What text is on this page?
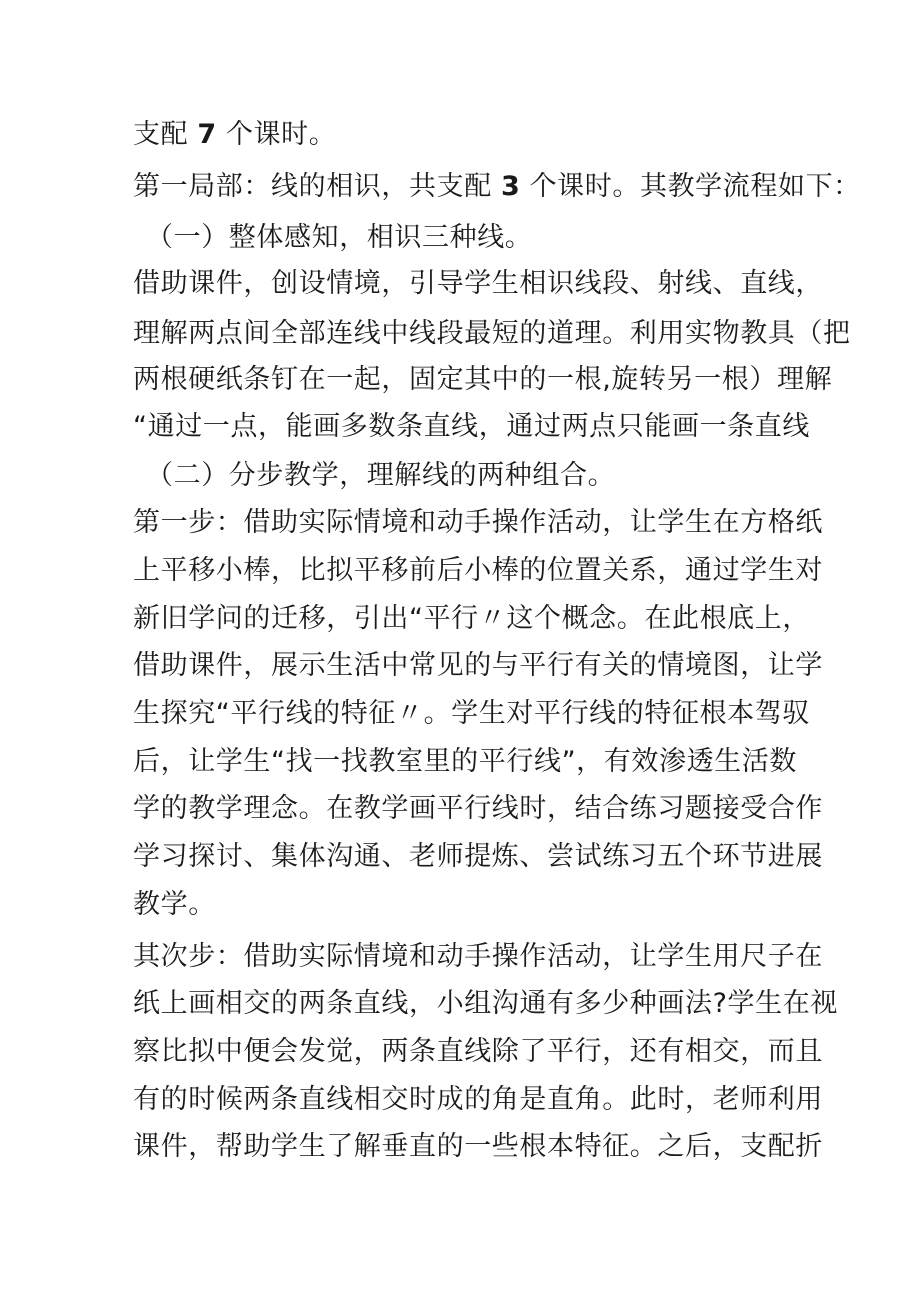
支配 7 个课时。
第一局部：线的相识，共支配 3 个课时。其教学流程如下：
（一）整体感知，相识三种线。
借助课件，创设情境，引导学生相识线段、射线、直线，
理解两点间全部连线中线段最短的道理。利用实物教具（把
两根硬纸条钉在一起，固定其中的一根,旋转另一根）理解
“通过一点，能画多数条直线，通过两点只能画一条直线
（二）分步教学，理解线的两种组合。
第一步：借助实际情境和动手操作活动，让学生在方格纸
上平移小棒，比拟平移前后小棒的位置关系，通过学生对
新旧学问的迁移，引出“平行〃这个概念。在此根底上，
借助课件，展示生活中常见的与平行有关的情境图，让学
生探究“平行线的特征〃。学生对平行线的特征根本驾驭
后，让学生“找一找教室里的平行线”，有效渗透生活数
学的教学理念。在教学画平行线时，结合练习题接受合作
学习探讨、集体沟通、老师提炼、尝试练习五个环节进展
教学。
其次步：借助实际情境和动手操作活动，让学生用尺子在
纸上画相交的两条直线，小组沟通有多少种画法?学生在视
察比拟中便会发觉，两条直线除了平行，还有相交，而且
有的时候两条直线相交时成的角是直角。此时，老师利用
课件，帮助学生了解垂直的一些根本特征。之后，支配折
